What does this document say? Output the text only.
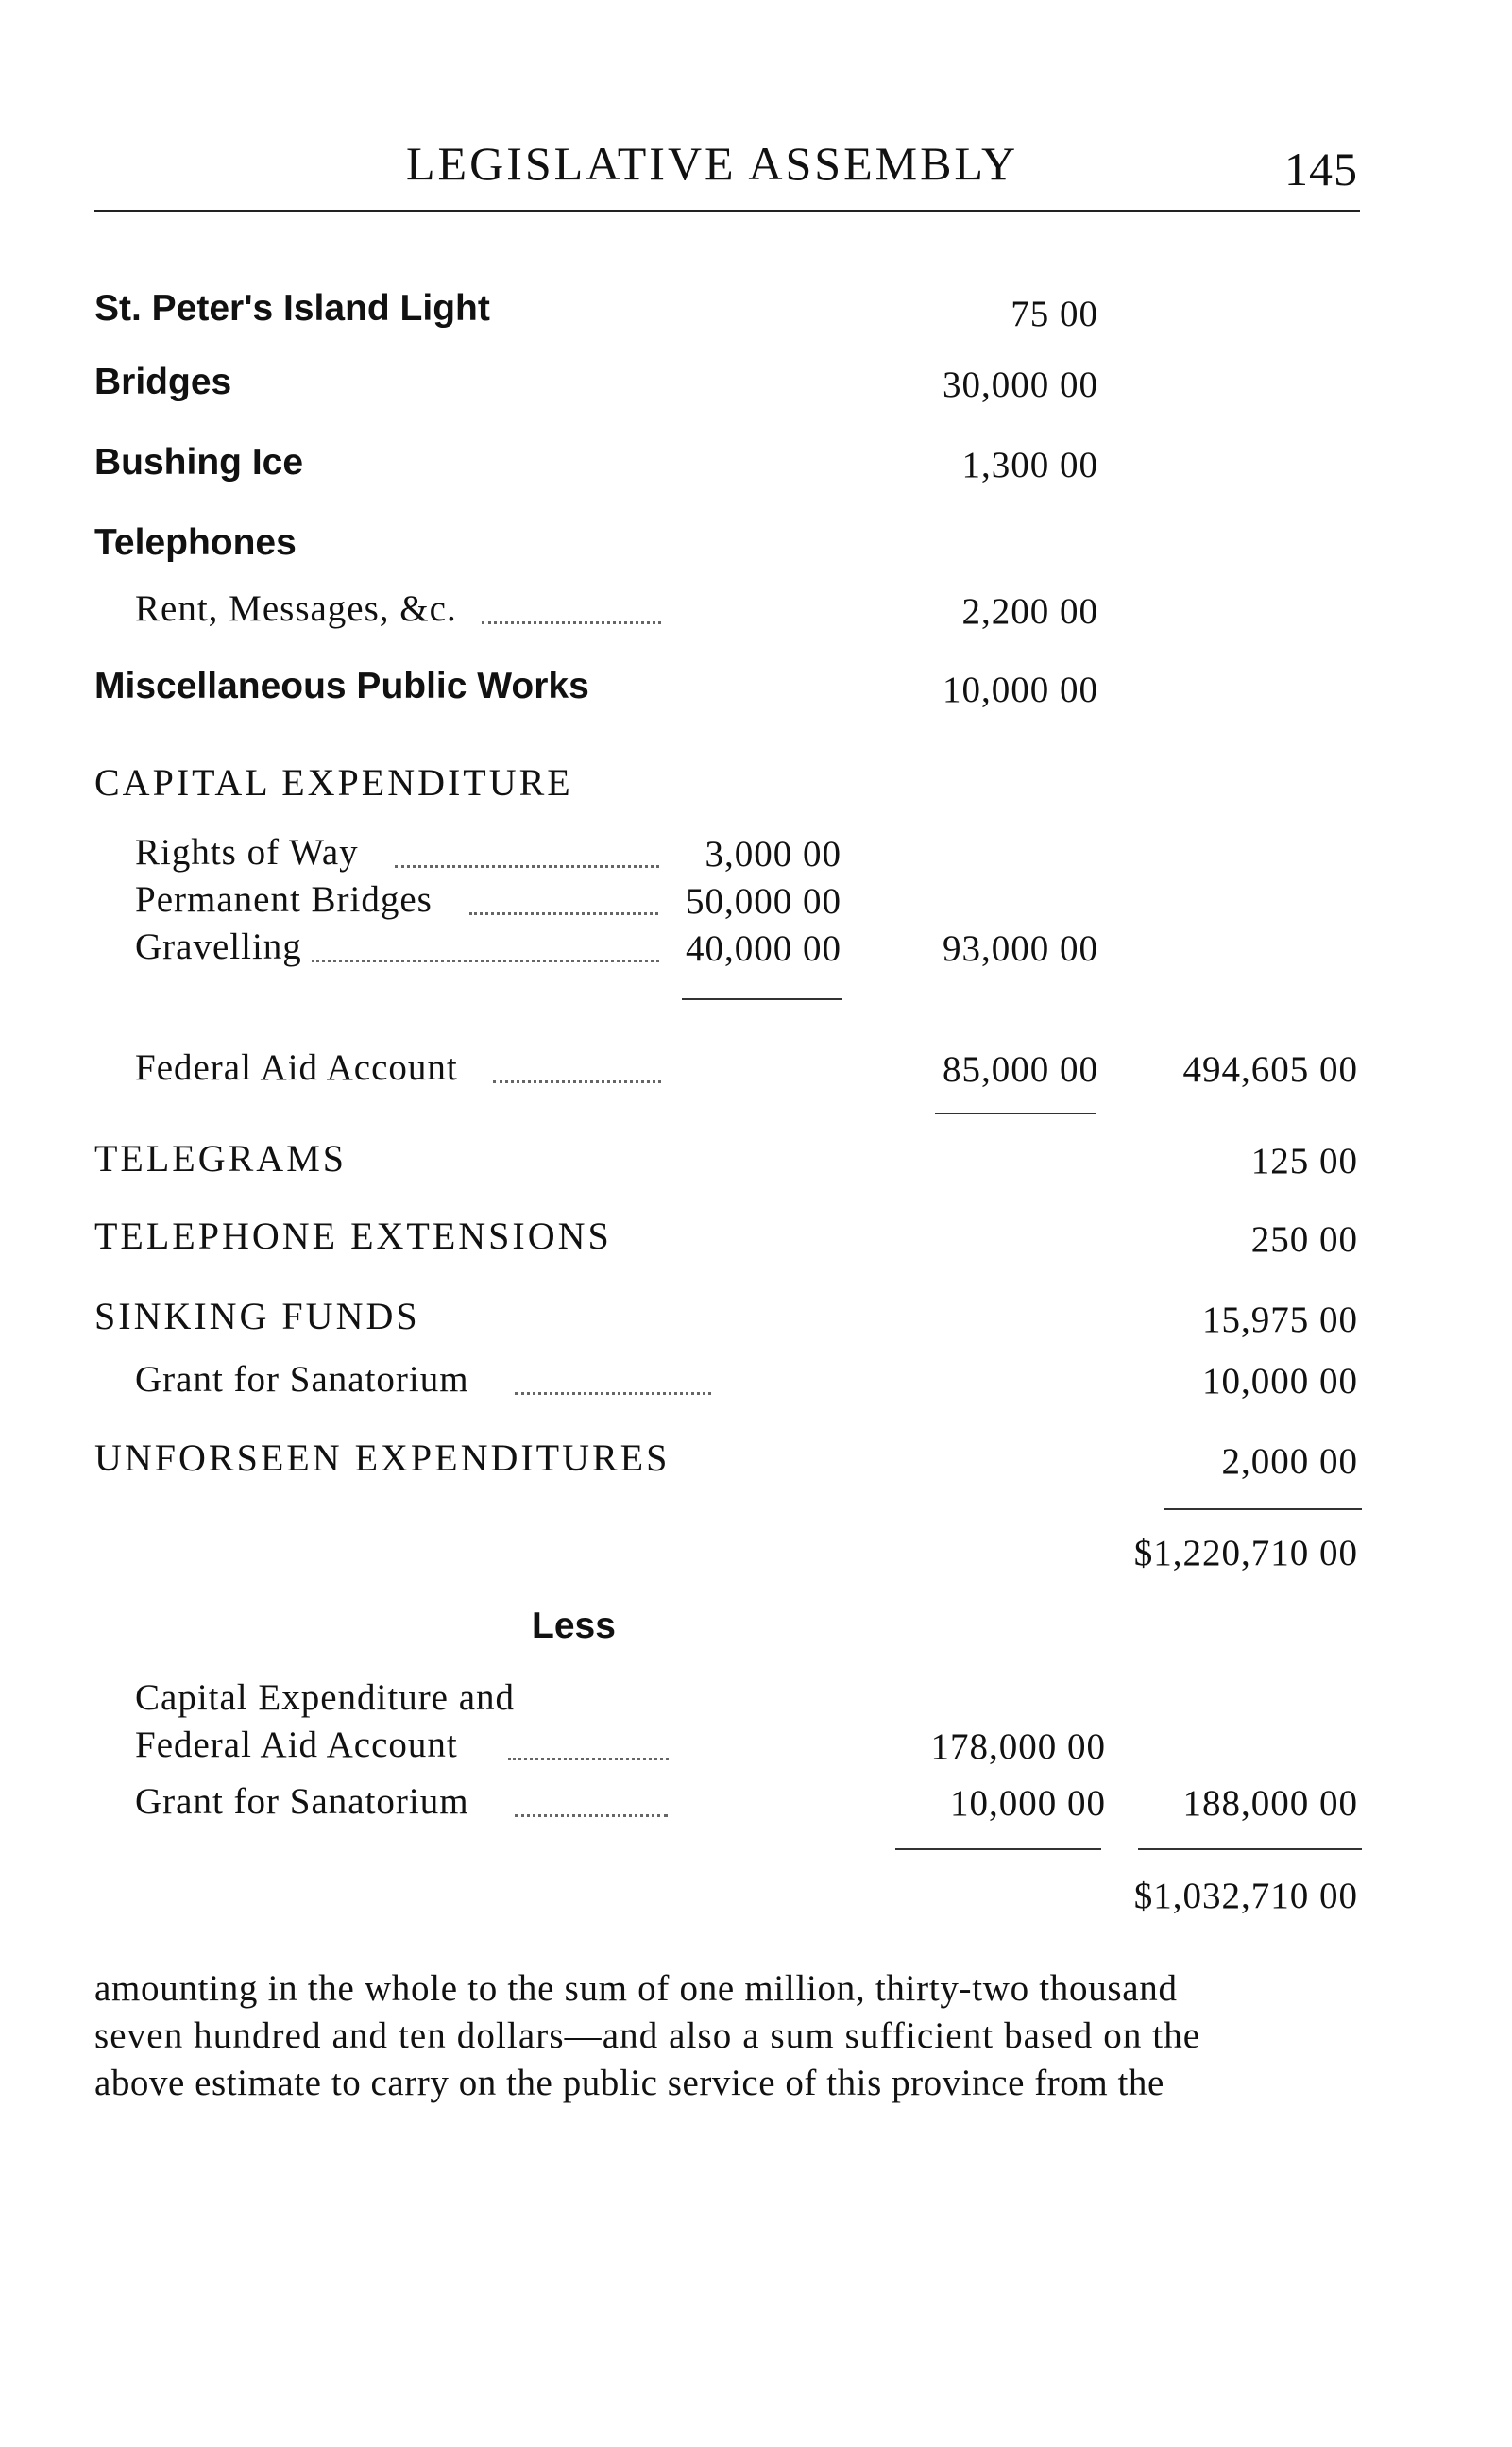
LEGISLATIVE ASSEMBLY	145
St. Peter's Island Light	75 00
Bridges	30,000 00
Bushing Ice	1,300 00
Telephones
Rent, Messages, &c.	2,200 00
Miscellaneous Public Works	10,000 00
CAPITAL EXPENDITURE
Rights of Way	3,000 00
Permanent Bridges	50,000 00
Gravelling	40,000 00	93,000 00
Federal Aid Account	85,000 00 494,605 00
TELEGRAMS	125 00
TELEPHONE EXTENSIONS	250 00
SINKING FUNDS	15,975 00
Grant for Sanatorium	10,000 00
UNFORSEEN EXPENDITURES	2,000 00
$1,220,710 00
Less
Capital Expenditure and
Federal Aid Account	178,000 00
Grant for Sanatorium	10,000 00 188,000 00
$1,032,710 00
amounting in the whole to the sum of one million, thirty-two thousand
seven hundred and ten dollars—and also a sum sufficient based on the
above estimate to carry on the public service of this province from the
